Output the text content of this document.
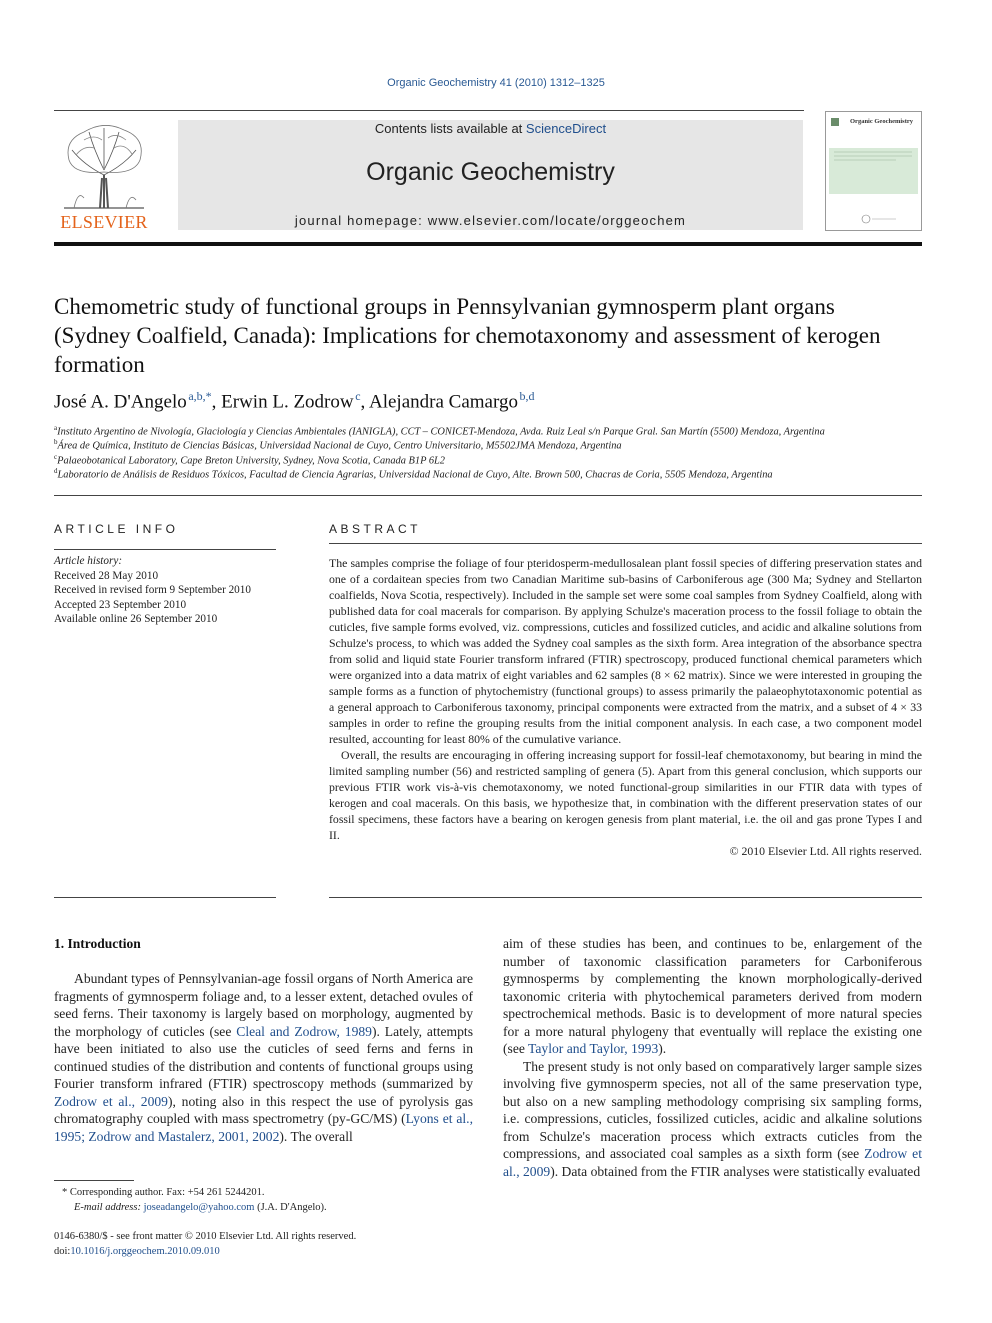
Organic Geochemistry 41 (2010) 1312–1325
ELSEVIER
Contents lists available at ScienceDirect
Organic Geochemistry
journal homepage: www.elsevier.com/locate/orggeochem
Organic Geochemistry
Chemometric study of functional groups in Pennsylvanian gymnosperm plant organs (Sydney Coalfield, Canada): Implications for chemotaxonomy and assessment of kerogen formation
José A. D'Angelo  $^{a,b,*}$, Erwin L. Zodrow  $^c$, Alejandra Camargo  $^{b,d}$
$^a$Instituto Argentino de Nivología, Glaciología y Ciencias Ambientales (IANIGLA), CCT – CONICET-Mendoza, Avda. Ruiz Leal s/n Parque Gral. San Martín (5500) Mendoza, Argentina
$^b$Área de Química, Instituto de Ciencias Básicas, Universidad Nacional de Cuyo, Centro Universitario, M5502JMA Mendoza, Argentina
$^c$Palaeobotanical Laboratory, Cape Breton University, Sydney, Nova Scotia, Canada B1P 6L2
$^d$Laboratorio de Análisis de Residuos Tóxicos, Facultad de Ciencia Agrarias, Universidad Nacional de Cuyo, Alte. Brown 500, Chacras de Coria, 5505 Mendoza, Argentina
ARTICLE INFO
Article history:
Received 28 May 2010
Received in revised form 9 September 2010
Accepted 23 September 2010
Available online 26 September 2010
ABSTRACT

The samples comprise the foliage of four pteridosperm-medullosalean plant fossil species of differing preservation states and one of a cordaitean species from two Canadian Maritime sub-basins of Carboniferous age (300 Ma; Sydney and Stellarton coalfields, Nova Scotia, respectively). Included in the sample set were some coal samples from Sydney Coalfield, along with published data for coal macerals for comparison. By applying Schulze's maceration process to the fossil foliage to obtain the cuticles, five sample forms evolved, viz. compressions, cuticles and fossilized cuticles, and acidic and alkaline solutions from Schulze's process, to which was added the Sydney coal samples as the sixth form. Area integration of the absorbance spectra from solid and liquid state Fourier transform infrared (FTIR) spectroscopy, produced functional chemical parameters which were organized into a data matrix of eight variables and 62 samples (8 × 62 matrix). Since we were interested in grouping the sample forms as a function of phytochemistry (functional groups) to assess primarily the palaeophytotaxonomic potential as a general approach to Carboniferous taxonomy, principal components were extracted from the matrix, and a subset of 4 × 33 samples in order to refine the grouping results from the initial component analysis. In each case, a two component model resulted, accounting for least 80% of the cumulative variance.

Overall, the results are encouraging in offering increasing support for fossil-leaf chemotaxonomy, but bearing in mind the limited sampling number (56) and restricted sampling of genera (5). Apart from this general conclusion, which supports our previous FTIR work vis-à-vis chemotaxonomy, we noted functional-group similarities in our FTIR data with types of kerogen and coal macerals. On this basis, we hypothesize that, in combination with the different preservation states of our fossil specimens, these factors have a bearing on kerogen genesis from plant material, i.e. the oil and gas prone Types I and II.

© 2010 Elsevier Ltd. All rights reserved.
1. Introduction
Abundant types of Pennsylvanian-age fossil organs of North America are fragments of gymnosperm foliage and, to a lesser extent, detached ovules of seed ferns. Their taxonomy is largely based on morphology, augmented by the morphology of cuticles (see Cleal and Zodrow, 1989). Lately, attempts have been initiated to also use the cuticles of seed ferns and ferns in continued studies of the distribution and contents of functional groups using Fourier transform infrared (FTIR) spectroscopy methods (summarized by Zodrow et al., 2009), noting also in this respect the use of pyrolysis gas chromatography coupled with mass spectrometry (py-GC/MS) (Lyons et al., 1995; Zodrow and Mastalerz, 2001, 2002). The overall

aim of these studies has been, and continues to be, enlargement of the number of taxonomic classification parameters for Carboniferous gymnosperms by complementing the known morphologically-derived taxonomic criteria with phytochemical parameters derived from modern spectrochemical methods. Basic is to development of more natural species for a more natural phylogeny that eventually will replace the existing one (see Taylor and Taylor, 1993).

The present study is not only based on comparatively larger sample sizes involving five gymnosperm species, not all of the same preservation type, but also on a new sampling methodology comprising six sampling forms, i.e. compressions, cuticles, fossilized cuticles, acidic and alkaline solutions from Schulze's maceration process which extracts cuticles from the compressions, and associated coal samples as a sixth form (see Zodrow et al., 2009). Data obtained from the FTIR analyses were statistically evaluated

* Corresponding author. Fax: +54 261 5244201.
E-mail address: joseadangelo@yahoo.com (J.A. D'Angelo).
0146-6380/$ - see front matter © 2010 Elsevier Ltd. All rights reserved.
doi:10.1016/j.orggeochem.2010.09.010
